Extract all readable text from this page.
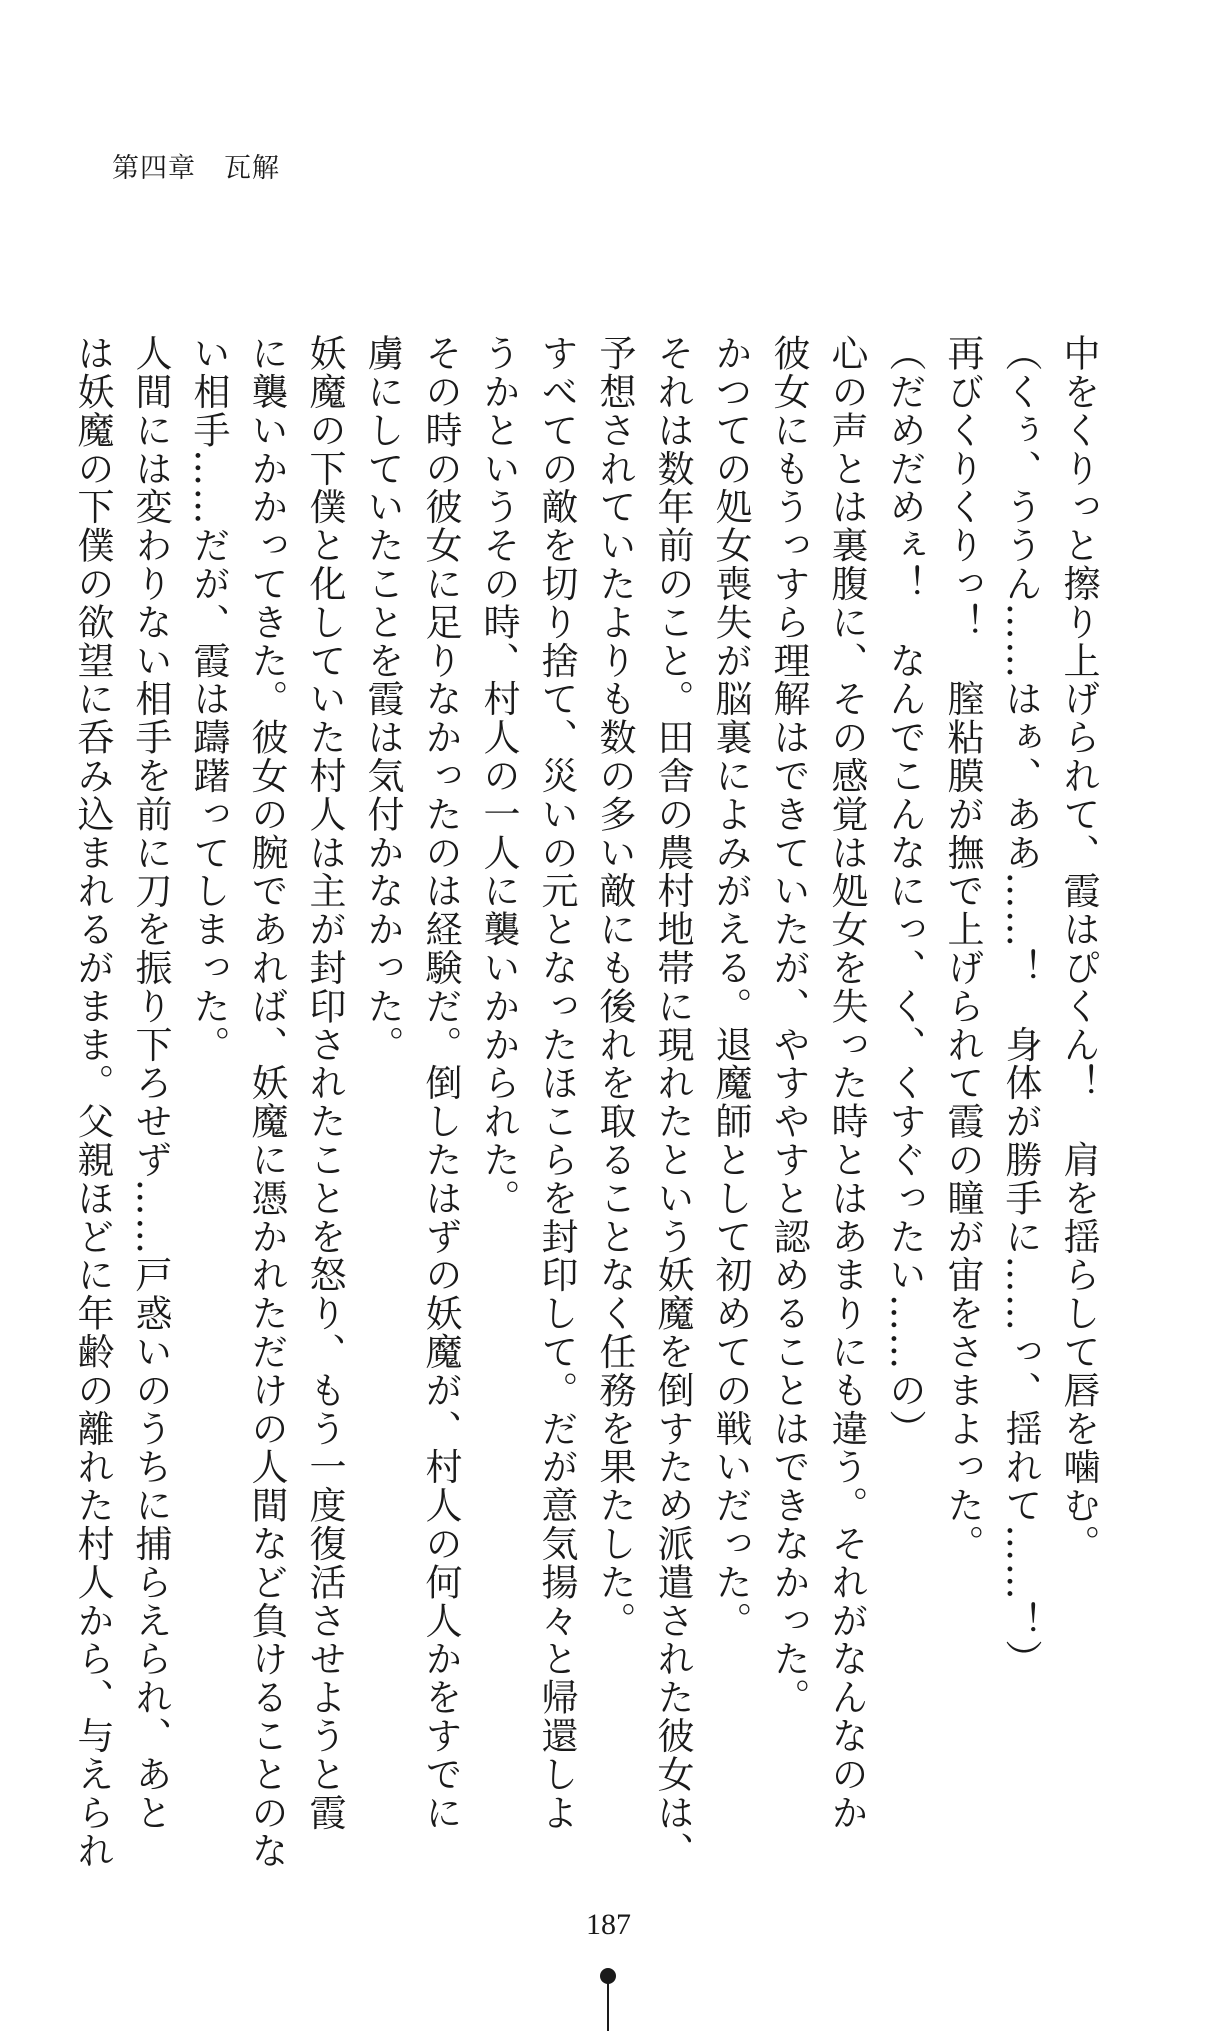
第四章　瓦解

中をくりっと擦り上げられて、霞はぴくん！　肩を揺らして唇を噛む。

（くぅ、ううん……はぁ、ああ……！　身体が勝手に……っ、揺れて……！）

再びくりくりっ！　膣粘膜が撫で上げられて霞の瞳が宙をさまよった。

（だめだめぇ！　なんでこんなにっ、く、くすぐったい……の）

心の声とは裏腹に、その感覚は処女を失った時とはあまりにも違う。それがなんなのか

彼女にもうっすら理解はできていたが、やすやすと認めることはできなかった。

かつての処女喪失が脳裏によみがえる。退魔師として初めての戦いだった。

それは数年前のこと。田舎の農村地帯に現れたという妖魔を倒すため派遣された彼女は、

予想されていたよりも数の多い敵にも後れを取ることなく任務を果たした。

すべての敵を切り捨て、災いの元となったほこらを封印して。だが意気揚々と帰還しよ

うかというその時、村人の一人に襲いかかられた。

その時の彼女に足りなかったのは経験だ。倒したはずの妖魔が、村人の何人かをすでに

虜にしていたことを霞は気付かなかった。

妖魔の下僕と化していた村人は主が封印されたことを怒り、もう一度復活させようと霞

に襲いかかってきた。彼女の腕であれば、妖魔に憑かれただけの人間など負けることのな

い相手……だが、霞は躊躇ってしまった。

人間には変わりない相手を前に刀を振り下ろせず……戸惑いのうちに捕らえられ、あと

は妖魔の下僕の欲望に呑み込まれるがまま。父親ほどに年齢の離れた村人から、与えられ

187
